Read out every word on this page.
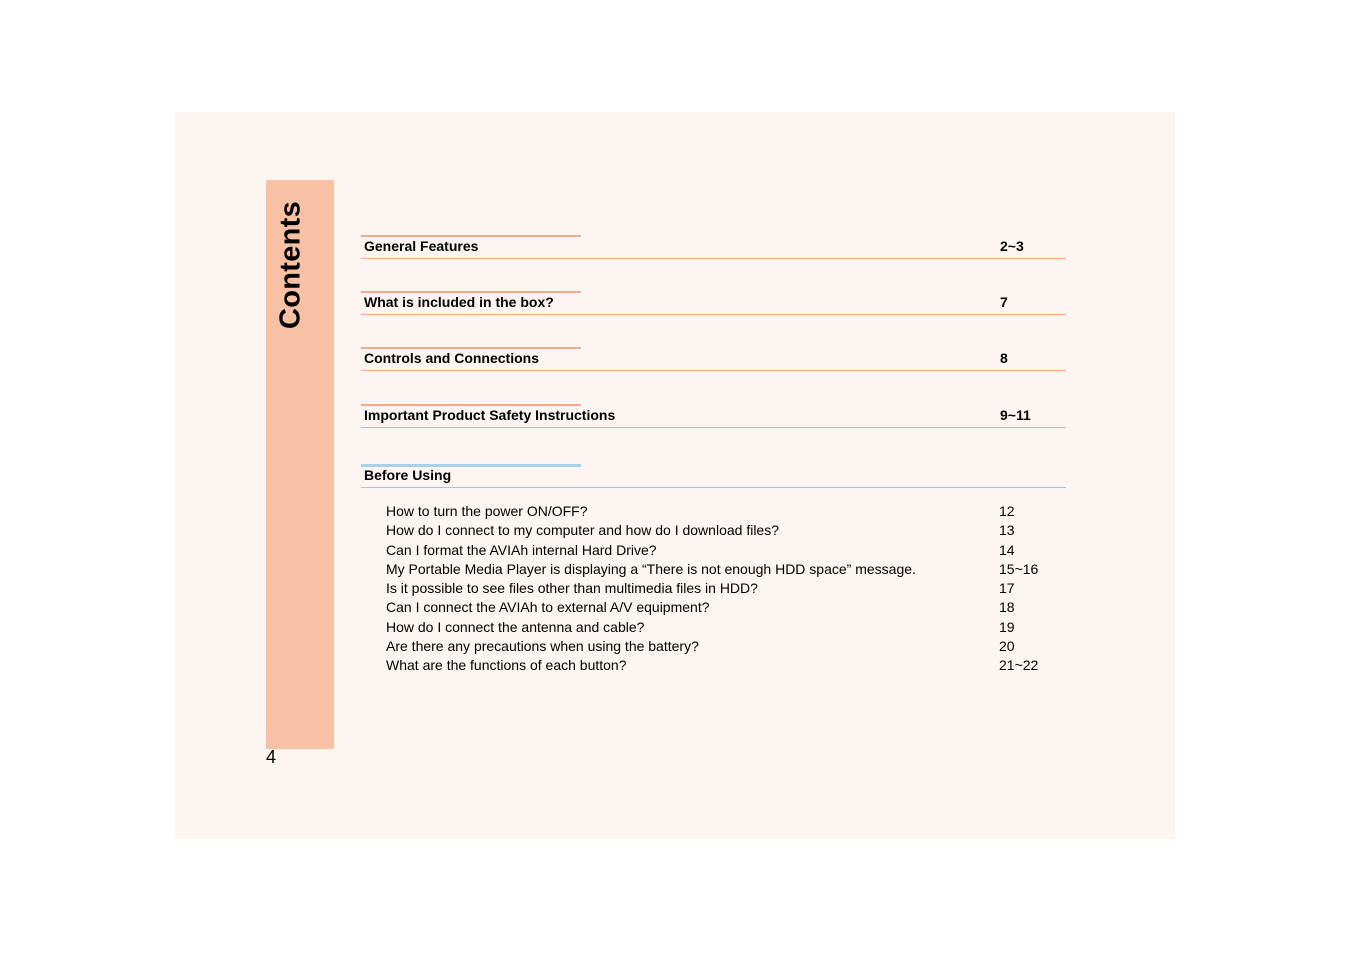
Contents
4
General Features	2~3
What is included in the box?	7
Controls and Connections	8
Important Product Safety Instructions	9~11
Before Using
How to turn the power ON/OFF?	12
How do I connect to my computer and how do I download files?	13
Can I format the AVIAh internal Hard Drive?	14
My Portable Media Player is displaying a “There is not enough HDD space” message.	15~16
Is it possible to see files other than multimedia files in HDD?	17
Can I connect the AVIAh to external A/V equipment?	18
How do I connect the antenna and cable?	19
Are there any precautions when using the battery?	20
What are the functions of each button?	21~22
